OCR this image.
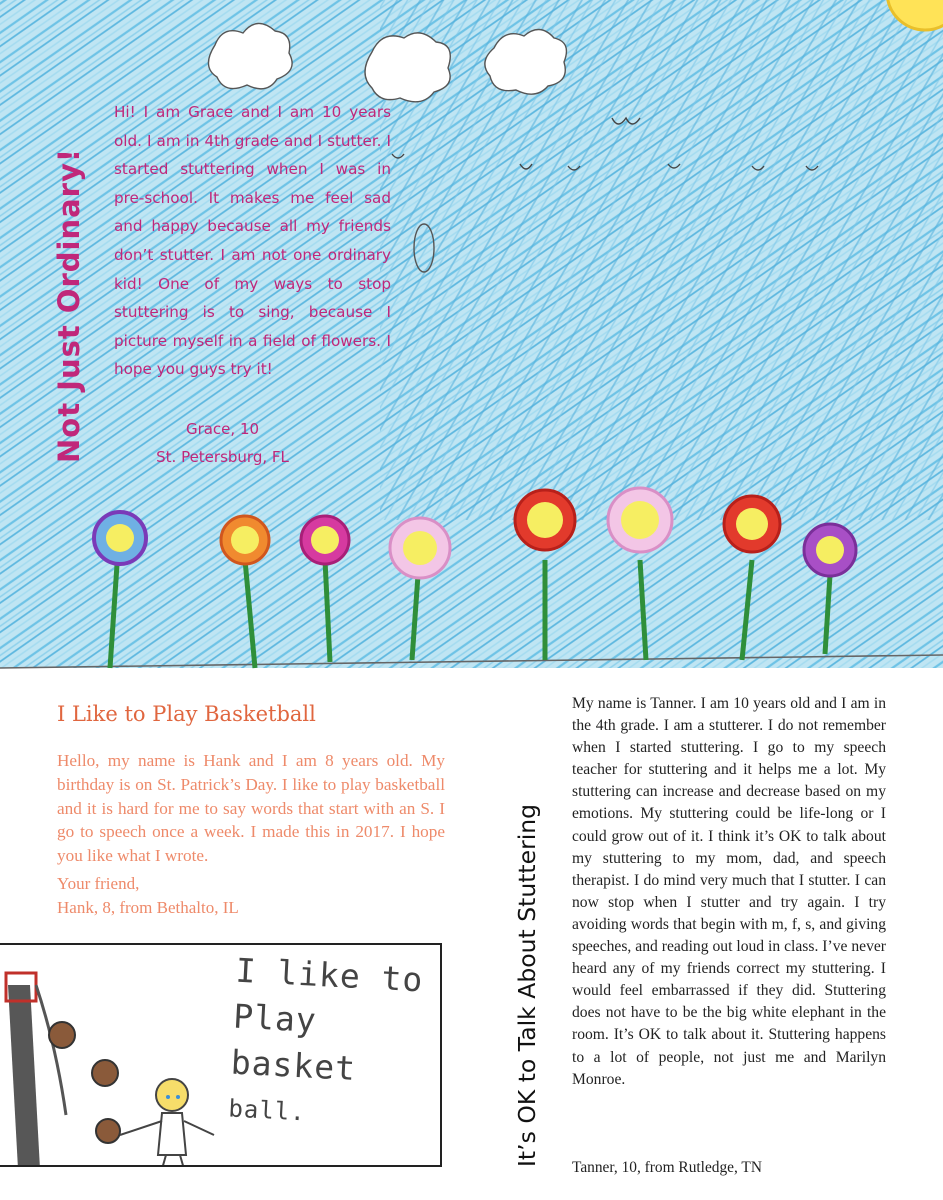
Not Just Ordinary!
Hi! I am Grace and I am 10 years old. I am in 4th grade and I stutter. I started stuttering when I was in pre-school. It makes me feel sad and happy because all my friends don’t stutter. I am not one ordinary kid! One of my ways to stop stuttering is to sing, because I picture myself in a field of flowers. I hope you guys try it!
Grace, 10
St. Petersburg, FL
I Like to Play Basketball
Hello, my name is Hank and I am 8 years old. My birthday is on St. Patrick’s Day. I like to play basketball and it is hard for me to say words that start with an S. I go to speech once a week. I made this in 2017. I hope you like what I wrote.
Your friend,
Hank, 8, from Bethalto, IL
I like to
Play basket
ball.	It’s OK to Talk About Stuttering
My name is Tanner. I am 10 years old and I am in the 4th grade. I am a stutterer. I do not remember when I started stuttering. I go to my speech teacher for stuttering and it helps me a lot. My stuttering can increase and decrease based on my emotions. My stuttering could be life-long or I could grow out of it. I think it’s OK to talk about my stuttering to my mom, dad, and speech therapist. I do mind very much that I stutter. I can now stop when I stutter and try again. I try avoiding words that begin with m, f, s, and giving speeches, and reading out loud in class. I’ve never heard any of my friends correct my stuttering. I would feel embarrassed if they did. Stuttering does not have to be the big white elephant in the room. It’s OK to talk about it. Stuttering happens to a lot of people, not just me and Marilyn Monroe.
Tanner, 10, from Rutledge, TN
